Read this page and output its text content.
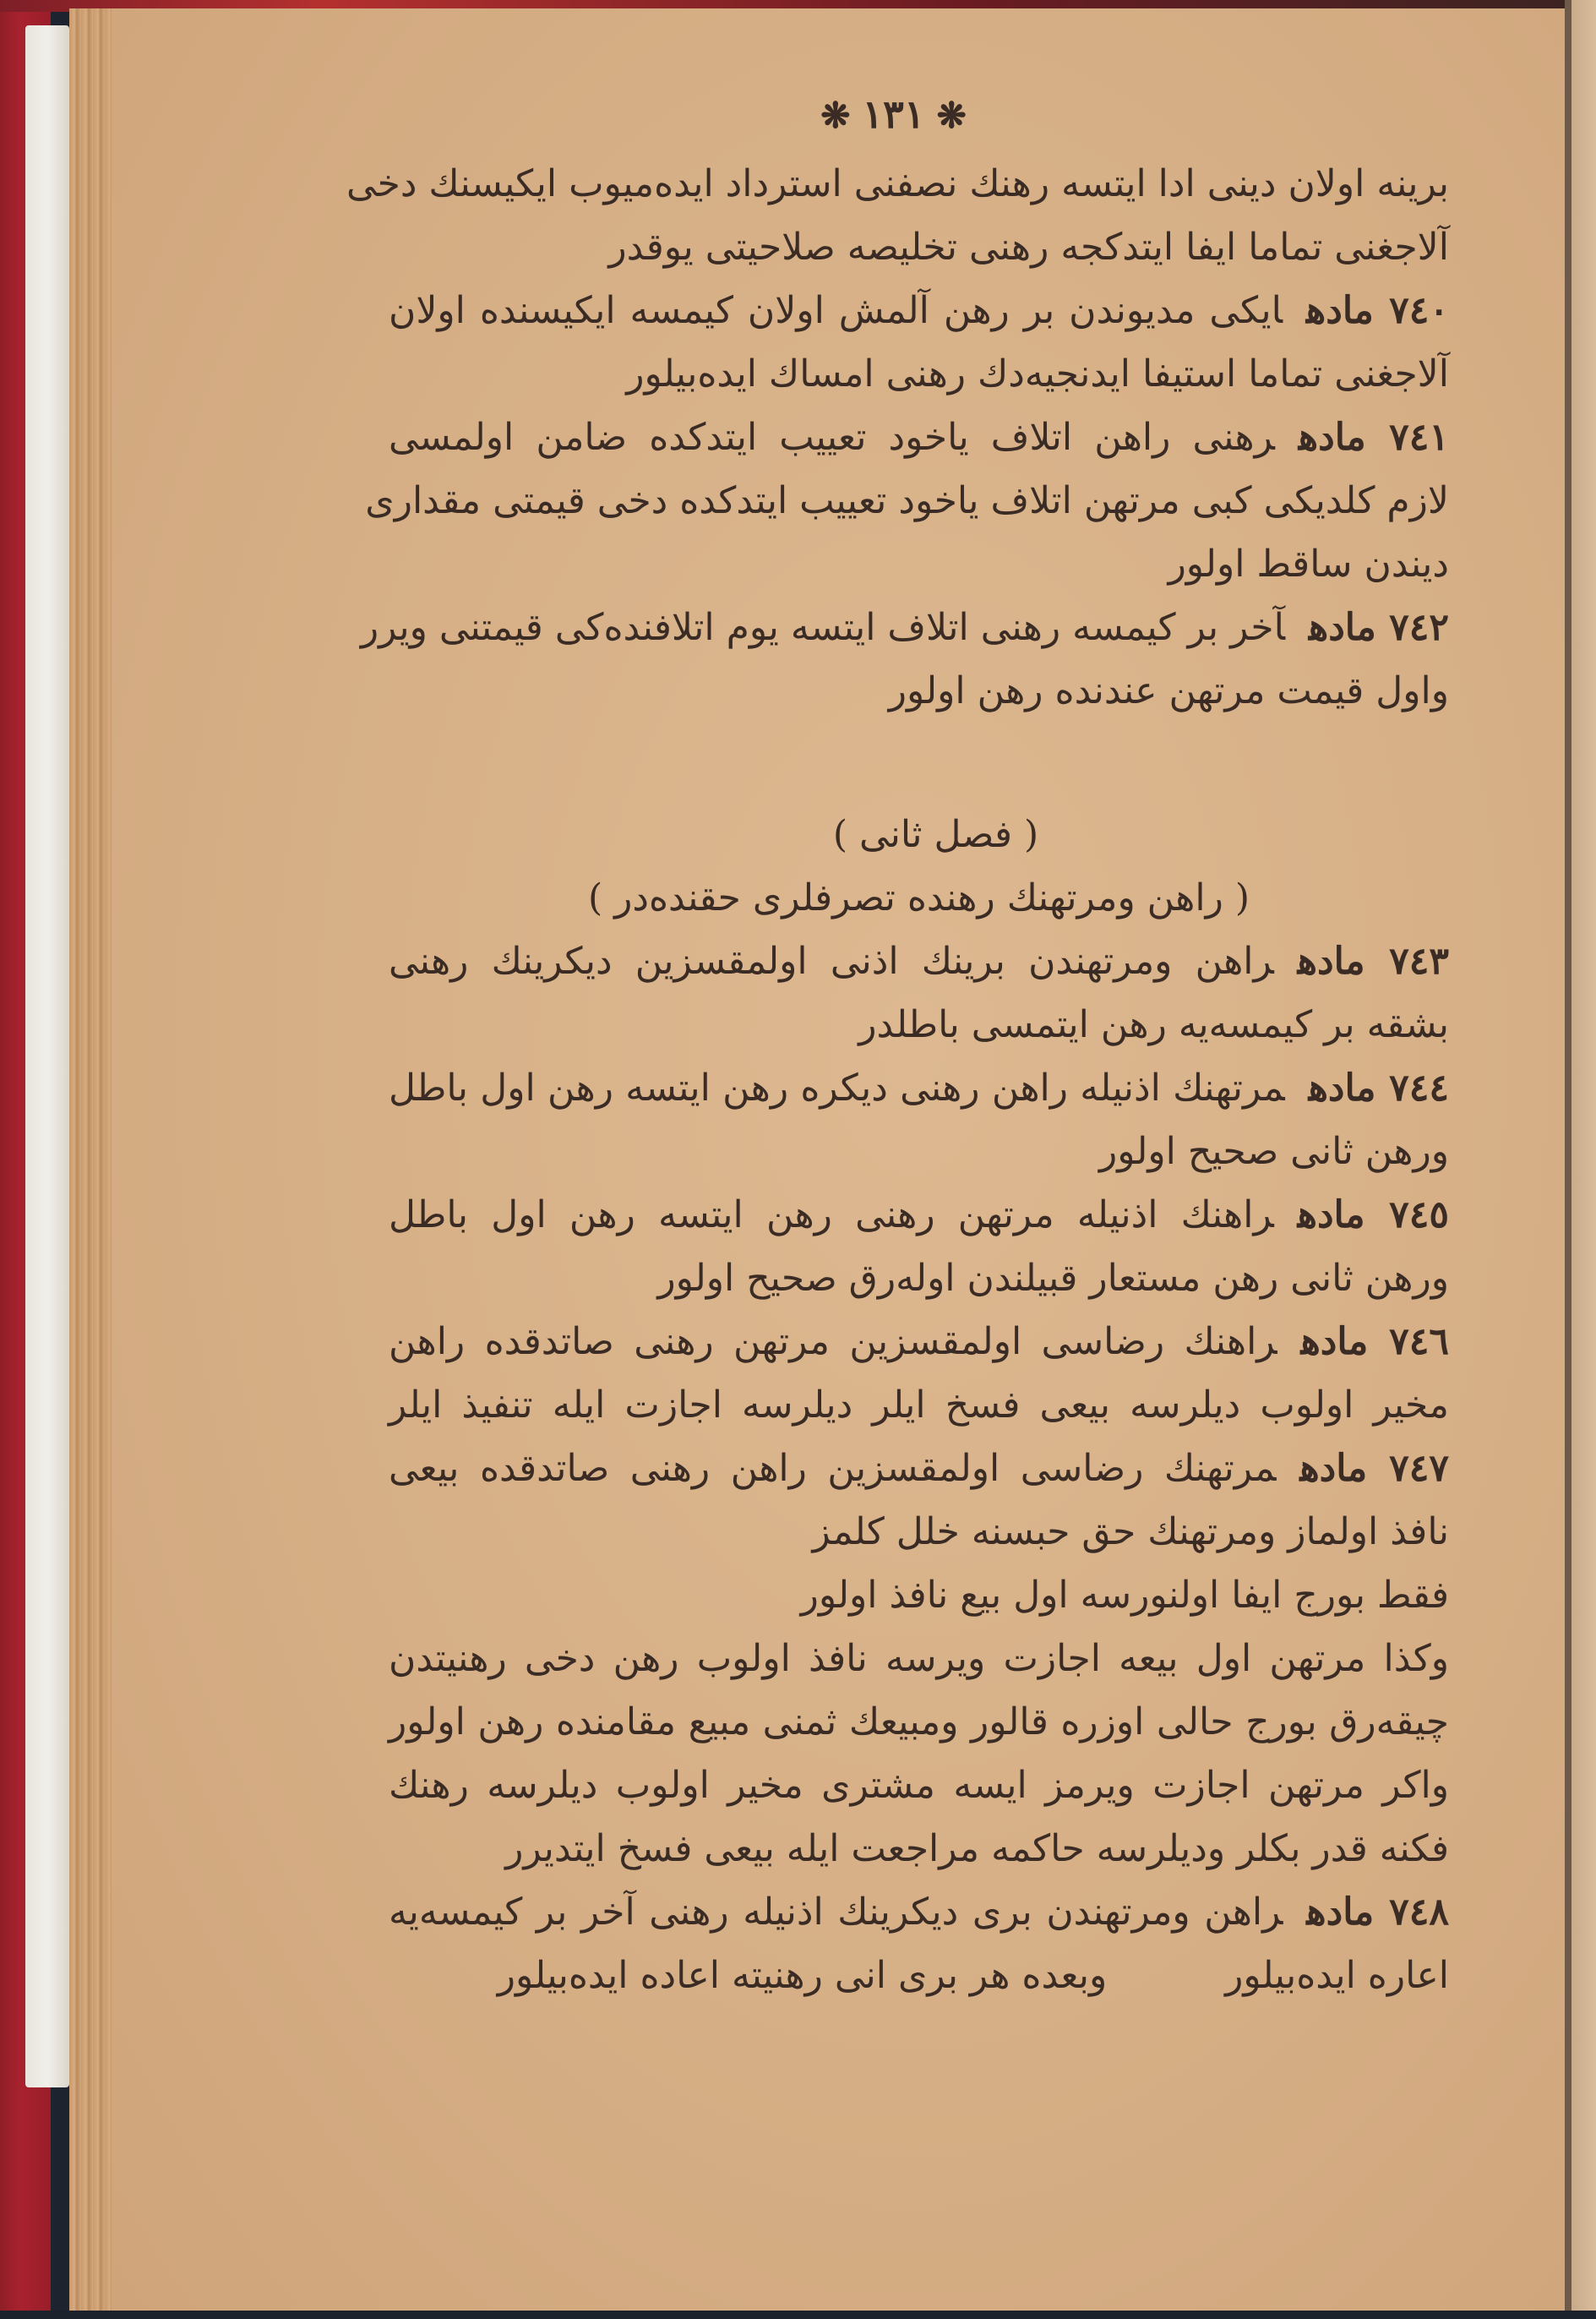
❋١٣١❋
برینه اولان دینی ادا ایتسه رهنك نصفنی استرداد ایده‌میوب ایکیسنك دخی
آلاجغنی تماما ایفا ایتدکجه رهنی تخلیصه صلاحیتی یوقدر
٧٤٠ مادهایکی مدیوندن بر رهن آلمش اولان کیمسه ایکیسنده اولان
آلاجغنی تماما استیفا ایدنجیه‌دك رهنی امساك ایده‌بیلور
٧٤١ مادهرهنی راهن اتلاف یاخود تعییب ایتدکده ضامن اولمسی
لازم کلدیکی کبی مرتهن اتلاف یاخود تعییب ایتدکده دخی قیمتی مقداری
دیندن ساقط اولور
٧٤٢ مادهآخر بر کیمسه رهنی اتلاف ایتسه یوم اتلافنده‌کی قیمتنی ویرر
واول قیمت مرتهن عندنده رهن اولور
( فصل ثانی )
( راهن ومرتهنك رهنده تصرفلری حقنده‌در )
٧٤٣ مادهراهن ومرتهندن برینك اذنی اولمقسزین دیکرینك رهنی
بشقه بر کیمسه‌یه رهن ایتمسی باطلدر
٧٤٤ مادهمرتهنك اذنیله راهن رهنی دیکره رهن ایتسه رهن اول باطل
ورهن ثانی صحیح اولور
٧٤٥ مادهراهنك اذنیله مرتهن رهنی رهن ایتسه رهن اول باطل
ورهن ثانی رهن مستعار قبیلندن اوله‌رق صحیح اولور
٧٤٦ مادهراهنك رضاسی اولمقسزین مرتهن رهنی صاتدقده راهن
مخیر اولوب دیلرسه بیعی فسخ ایلر دیلرسه اجازت ایله تنفیذ ایلر
٧٤٧ مادهمرتهنك رضاسی اولمقسزین راهن رهنی صاتدقده بیعی
نافذ اولماز ومرتهنك حق حبسنه خلل کلمز
فقط بورج ایفا اولنورسه اول بیع نافذ اولور
وکذا مرتهن اول بیعه اجازت ویرسه نافذ اولوب رهن دخی رهنیتدن
چیقه‌رق بورج حالی اوزره قالور ومبیعك ثمنی مبیع مقامنده رهن اولور
واکر مرتهن اجازت ویرمز ایسه مشتری مخیر اولوب دیلرسه رهنك
فکنه قدر بکلر ودیلرسه حاکمه مراجعت ایله بیعی فسخ ایتدیرر
٧٤٨ مادهراهن ومرتهندن بری دیکرینك اذنیله رهنی آخر بر کیمسه‌یه
اعاره ایده‌بیلور          وبعده هر بری انی رهنیته اعاده ایده‌بیلور
